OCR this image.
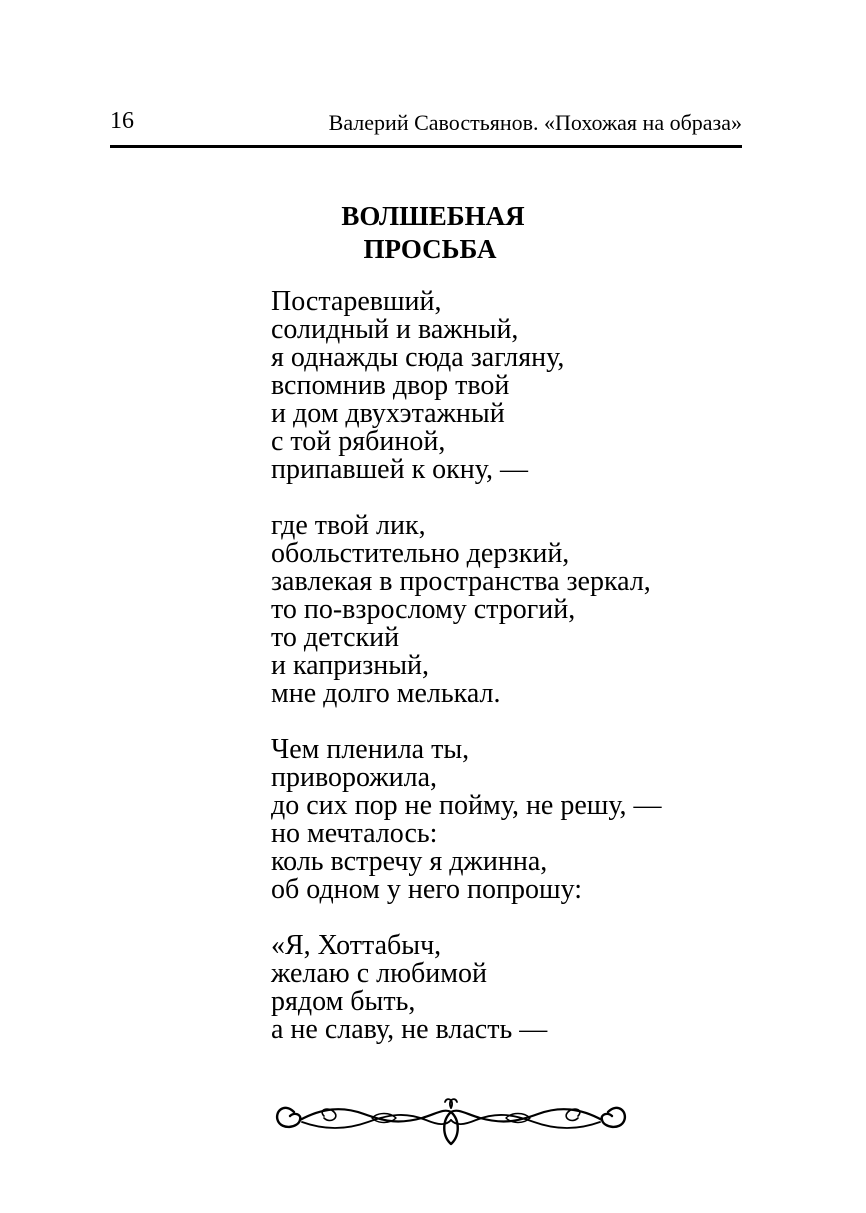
16	Валерий Савостьянов. «Похожая на образа»
ВОЛШЕБНАЯ
ПРОСЬБА
Постаревший,
солидный и важный,
я однажды сюда загляну,
вспомнив двор твой
и дом двухэтажный
с той рябиной,
припавшей к окну, —
где твой лик,
обольстительно дерзкий,
завлекая в пространства зеркал,
то по-взрослому строгий,
то детский
и капризный,
мне долго мелькал.
Чем пленила ты,
приворожила,
до сих пор не пойму, не решу, —
но мечталось:
коль встречу я джинна,
об одном у него попрошу:
«Я, Хоттабыч,
желаю с любимой
рядом быть,
а не славу, не власть —
